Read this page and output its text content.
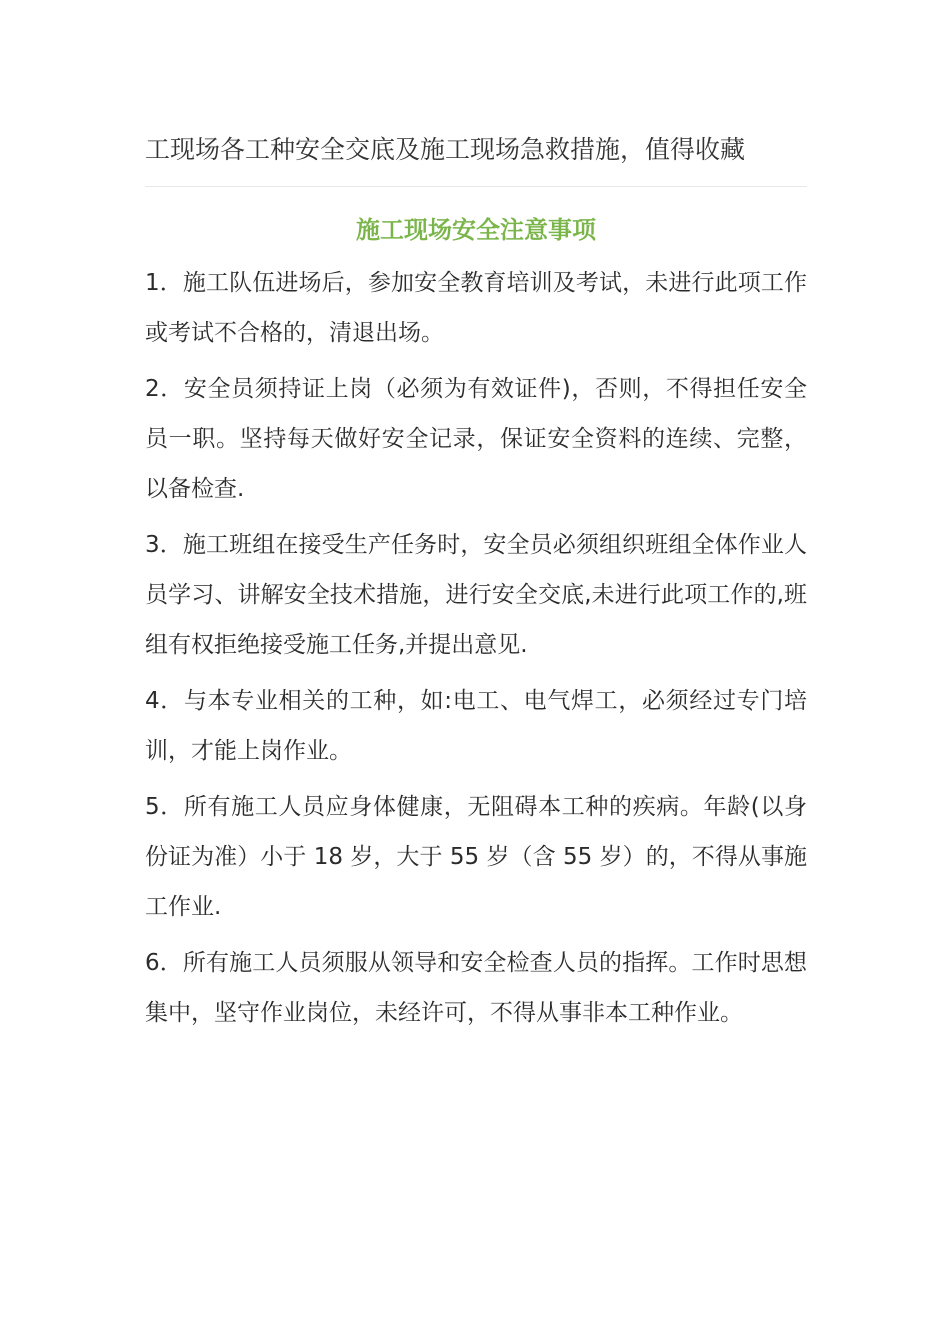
工现场各工种安全交底及施工现场急救措施，值得收藏
施工现场安全注意事项

1．施工队伍进场后，参加安全教育培训及考试，未进行此项工作或考试不合格的，清退出场。

2．安全员须持证上岗（必须为有效证件)，否则，不得担任安全员一职。坚持每天做好安全记录，保证安全资料的连续、完整，以备检查.

3．施工班组在接受生产任务时，安全员必须组织班组全体作业人员学习、讲解安全技术措施，进行安全交底,未进行此项工作的,班组有权拒绝接受施工任务,并提出意见.

4．与本专业相关的工种，如:电工、电气焊工，必须经过专门培训，才能上岗作业。

5．所有施工人员应身体健康，无阻碍本工种的疾病。年龄(以身份证为准）小于 18 岁，大于 55 岁（含 55 岁）的，不得从事施工作业.

6．所有施工人员须服从领导和安全检查人员的指挥。工作时思想集中，坚守作业岗位，未经许可，不得从事非本工种作业。
